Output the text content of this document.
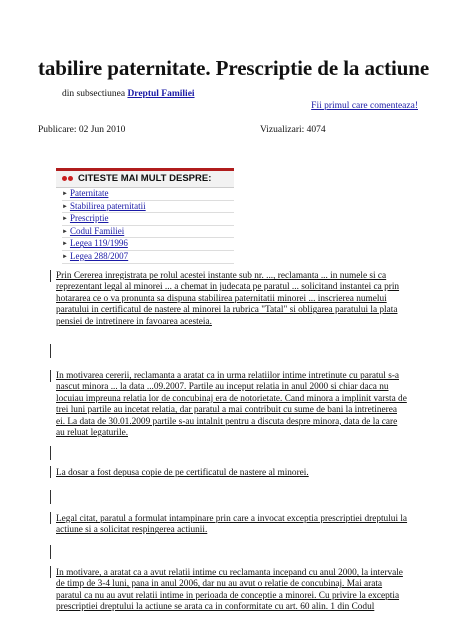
tabilire paternitate. Prescriptie de la actiune
din subsectiunea Dreptul Familiei
Fii primul care comenteaza!
Publicare: 02 Jun 2010	Vizualizari: 4074
CITESTE MAI MULT DESPRE:
► Paternitate
► Stabilirea paternitatii
► Prescriptie
► Codul Familiei
► Legea 119/1996
► Legea 288/2007
Prin Cererea inregistrata pe rolul acestei instante sub nr. ..., reclamanta ... in numele si ca
reprezentant legal al minorei ... a chemat in judecata pe paratul ... solicitand instantei ca prin
hotararea ce o va pronunta sa dispuna stabilirea paternitatii minorei ... inscrierea numelui
paratului in certificatul de nastere al minorei la rubrica "Tatal" si obligarea paratului la plata
pensiei de intretinere in favoarea acesteia.
In motivarea cererii, reclamanta a aratat ca in urma relatiilor intime intretinute cu paratul s-a
nascut minora ... la data ...09.2007. Partile au inceput relatia in anul 2000 si chiar daca nu
locuiau impreuna relatia lor de concubinaj era de notorietate. Cand minora a implinit varsta de
trei luni partile au incetat relatia, dar paratul a mai contribuit cu sume de bani la intretinerea
ei. La data de 30.01.2009 partile s-au intalnit pentru a discuta despre minora, data de la care
au reluat legaturile.
La dosar a fost depusa copie de pe certificatul de nastere al minorei.
Legal citat, paratul a formulat intampinare prin care a invocat exceptia prescriptiei dreptului la
actiune si a solicitat respingerea actiunii.
In motivare, a aratat ca a avut relatii intime cu reclamanta incepand cu anul 2000, la intervale
de timp de 3-4 luni, pana in anul 2006, dar nu au avut o relatie de concubinaj. Mai arata
paratul ca nu au avut relatii intime in perioada de conceptie a minorei. Cu privire la exceptia
prescriptiei dreptului la actiune se arata ca in conformitate cu art. 60 alin. 1 din Codul
